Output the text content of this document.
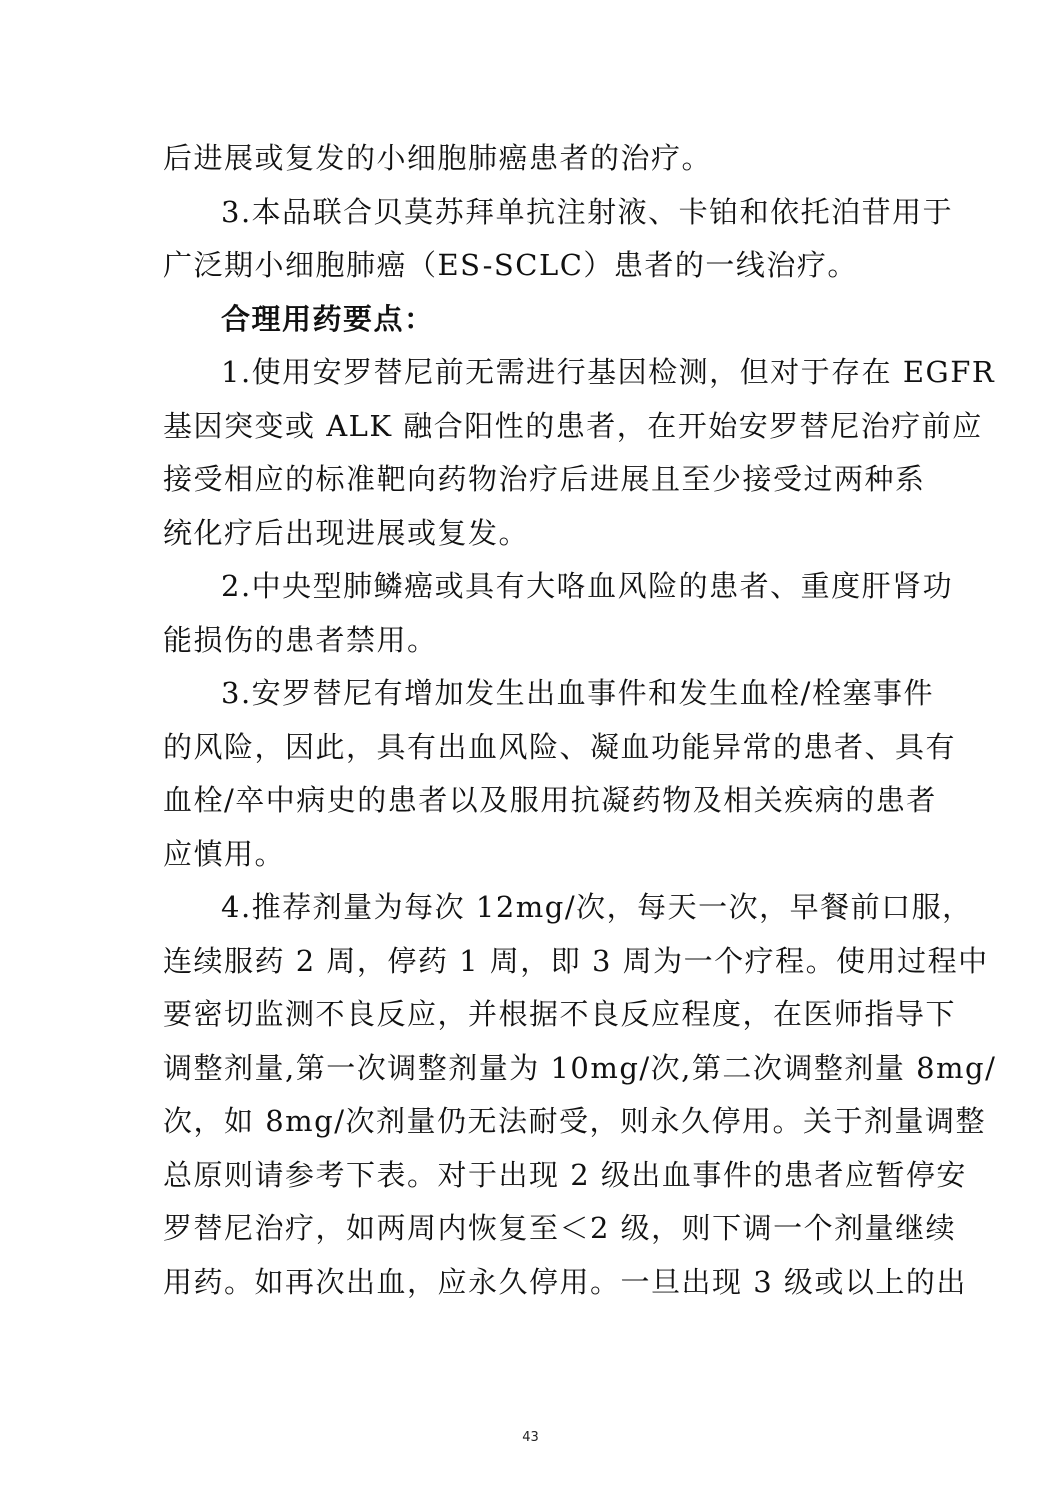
后进展或复发的小细胞肺癌患者的治疗。
3.本品联合贝莫苏拜单抗注射液、卡铂和依托泊苷用于
广泛期小细胞肺癌（ES-SCLC）患者的一线治疗。
合理用药要点：
1.使用安罗替尼前无需进行基因检测，但对于存在 EGFR
基因突变或 ALK 融合阳性的患者，在开始安罗替尼治疗前应
接受相应的标准靶向药物治疗后进展且至少接受过两种系
统化疗后出现进展或复发。
2.中央型肺鳞癌或具有大咯血风险的患者、重度肝肾功
能损伤的患者禁用。
3.安罗替尼有增加发生出血事件和发生血栓/栓塞事件
的风险，因此，具有出血风险、凝血功能异常的患者、具有
血栓/卒中病史的患者以及服用抗凝药物及相关疾病的患者
应慎用。
4.推荐剂量为每次 12mg/次，每天一次，早餐前口服，
连续服药 2 周，停药 1 周，即 3 周为一个疗程。使用过程中
要密切监测不良反应，并根据不良反应程度，在医师指导下
调整剂量,第一次调整剂量为 10mg/次,第二次调整剂量 8mg/
次，如 8mg/次剂量仍无法耐受，则永久停用。关于剂量调整
总原则请参考下表。对于出现 2 级出血事件的患者应暂停安
罗替尼治疗，如两周内恢复至＜2 级，则下调一个剂量继续
用药。如再次出血，应永久停用。一旦出现 3 级或以上的出
43
